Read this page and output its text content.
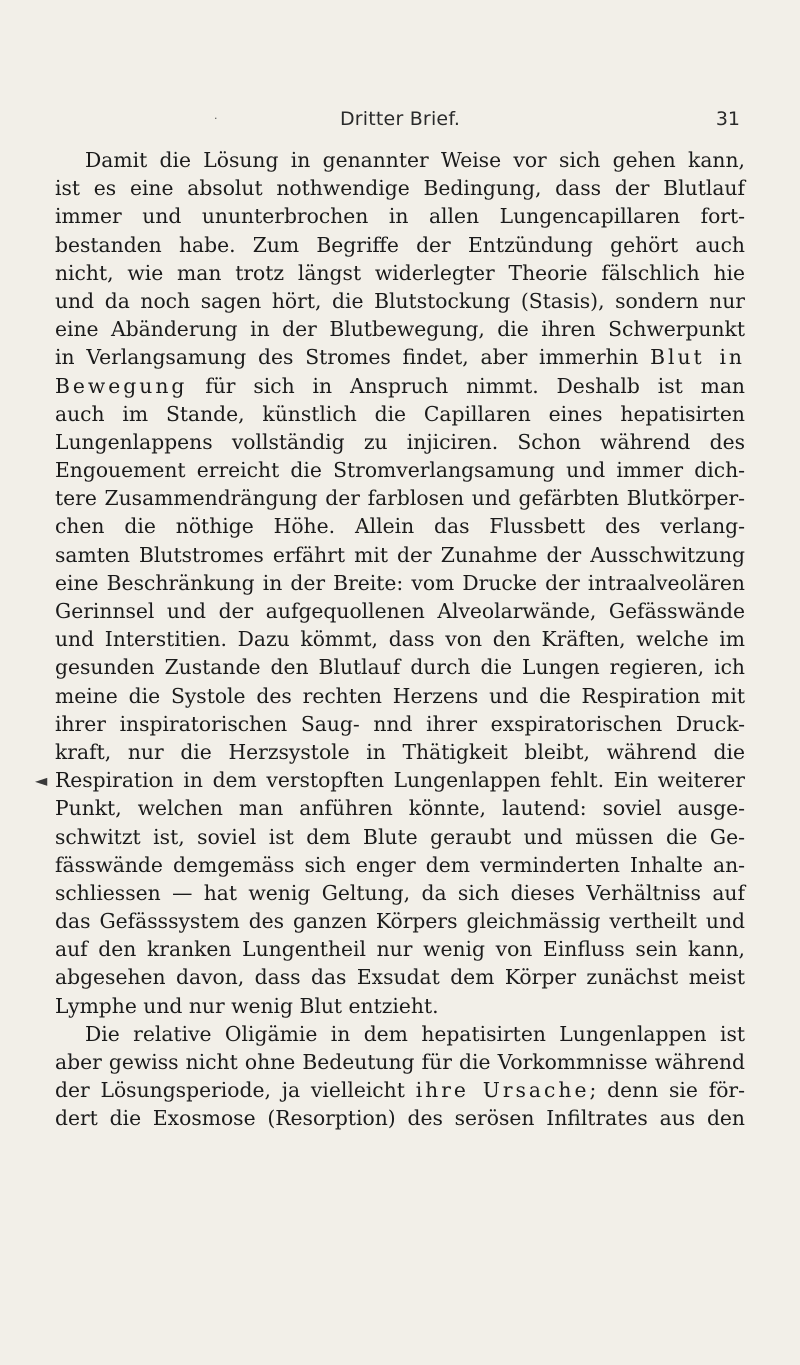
Dritter Brief.	31
·
◄
Damit die Lösung in genannter Weise vor sich gehen kann,
ist es eine absolut nothwendige Bedingung, dass der Blutlauf
immer und ununterbrochen in allen Lungencapillaren fort-
bestanden habe. Zum Begriffe der Entzündung gehört auch
nicht, wie man trotz längst widerlegter Theorie fälschlich hie
und da noch sagen hört, die Blutstockung (Stasis), sondern nur
eine Abänderung in der Blutbewegung, die ihren Schwerpunkt
in Verlangsamung des Stromes findet, aber immerhin Blut in
Bewegung für sich in Anspruch nimmt. Deshalb ist man
auch im Stande, künstlich die Capillaren eines hepatisirten
Lungenlappens vollständig zu injiciren. Schon während des
Engouement erreicht die Stromverlangsamung und immer dich-
tere Zusammendrängung der farblosen und gefärbten Blutkörper-
chen die nöthige Höhe. Allein das Flussbett des verlang-
samten Blutstromes erfährt mit der Zunahme der Ausschwitzung
eine Beschränkung in der Breite: vom Drucke der intraalveolären
Gerinnsel und der aufgequollenen Alveolarwände, Gefässwände
und Interstitien. Dazu kömmt, dass von den Kräften, welche im
gesunden Zustande den Blutlauf durch die Lungen regieren, ich
meine die Systole des rechten Herzens und die Respiration mit
ihrer inspiratorischen Saug- nnd ihrer exspiratorischen Druck-
kraft, nur die Herzsystole in Thätigkeit bleibt, während die
Respiration in dem verstopften Lungenlappen fehlt. Ein weiterer
Punkt, welchen man anführen könnte, lautend: soviel ausge-
schwitzt ist, soviel ist dem Blute geraubt und müssen die Ge-
fässwände demgemäss sich enger dem verminderten Inhalte an-
schliessen — hat wenig Geltung, da sich dieses Verhältniss auf
das Gefässsystem des ganzen Körpers gleichmässig vertheilt und
auf den kranken Lungentheil nur wenig von Einfluss sein kann,
abgesehen davon, dass das Exsudat dem Körper zunächst meist
Lymphe und nur wenig Blut entzieht.
Die relative Oligämie in dem hepatisirten Lungenlappen ist
aber gewiss nicht ohne Bedeutung für die Vorkommnisse während
der Lösungsperiode, ja vielleicht ihre Ursache; denn sie för-
dert die Exosmose (Resorption) des serösen Infiltrates aus den
